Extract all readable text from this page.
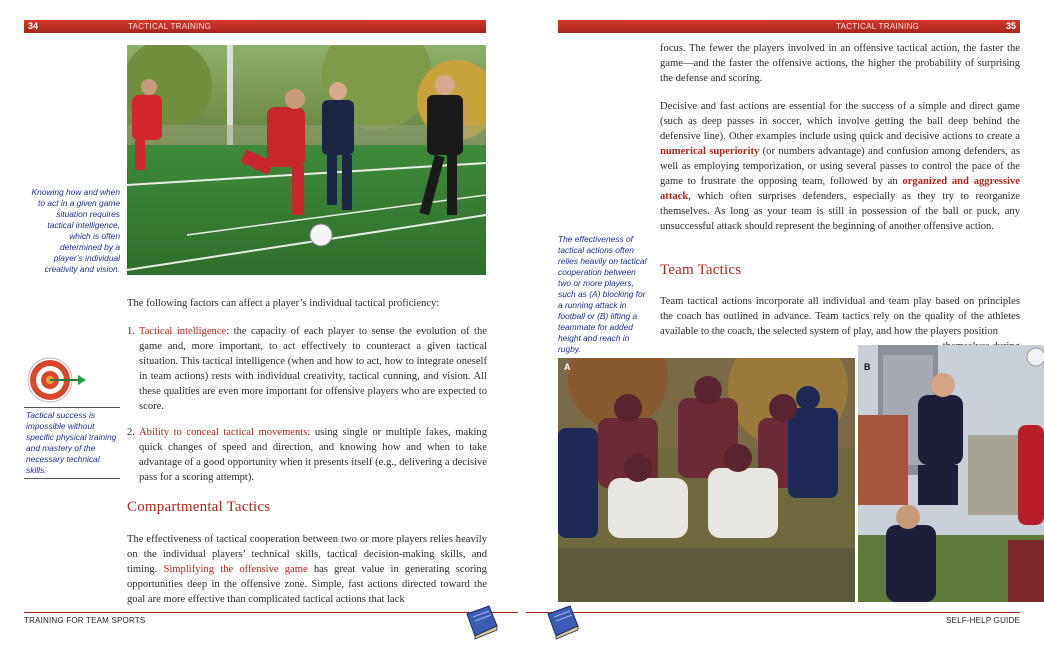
34	TACTICAL TRAINING
Knowing how and when to act in a given game situation requires tactical intelligence, which is often determined by a player’s individual creativity and vision.
Tactical success is impossible without specific physical training and mastery of the necessary technical skills.
The following factors can affect a player’s individual tactical proficiency:
1. Tactical intelligence: the capacity of each player to sense the evolution of the game and, more important, to act effectively to counteract a given tactical situation. This tactical intelligence (when and how to act, how to integrate oneself in team actions) rests with individual creativity, tactical cunning, and vision. All these qualities are even more important for offensive players who are expected to score.
2. Ability to conceal tactical movements: using single or multiple fakes, making quick changes of speed and direction, and knowing how and when to take advantage of a good opportunity when it presents itself (e.g., delivering a decisive pass for a scoring attempt).
Compartmental Tactics
The effectiveness of tactical cooperation between two or more players relies heavily on the individual players’ technical skills, tactical decision-making skills, and timing. Simplifying the offensive game has great value in generating scoring opportunities deep in the offensive zone. Simple, fast actions directed toward the goal are more effective than complicated tactical actions that lack
TRAINING FOR TEAM SPORTS
TACTICAL TRAINING	35
focus. The fewer the players involved in an offensive tactical action, the faster the game—and the faster the offensive actions, the higher the probability of surprising the defense and scoring.
Decisive and fast actions are essential for the success of a simple and direct game (such as deep passes in soccer, which involve getting the ball deep behind the defensive line). Other examples include using quick and decisive actions to create a numerical superiority (or numbers advantage) and confusion among defenders, as well as employing temporization, or using several passes to control the pace of the game to frustrate the opposing team, followed by an organized and aggressive attack, which often surprises defenders, especially as they try to reorganize themselves. As long as your team is still in possession of the ball or puck, any unsuccessful attack should represent the beginning of another offensive action.
The effectiveness of tactical actions often relies heavily on tactical cooperation between two or more players, such as (A) blocking for a running attack in football or (B) lifting a teammate for added height and reach in rugby.
Team Tactics
Team tactical actions incorporate all individual and team play based on principles the coach has outlined in advance. Team tactics rely on the quality of the athletes available to the coach, the selected system of play, and how the players position
A	B
SELF-HELP GUIDE
